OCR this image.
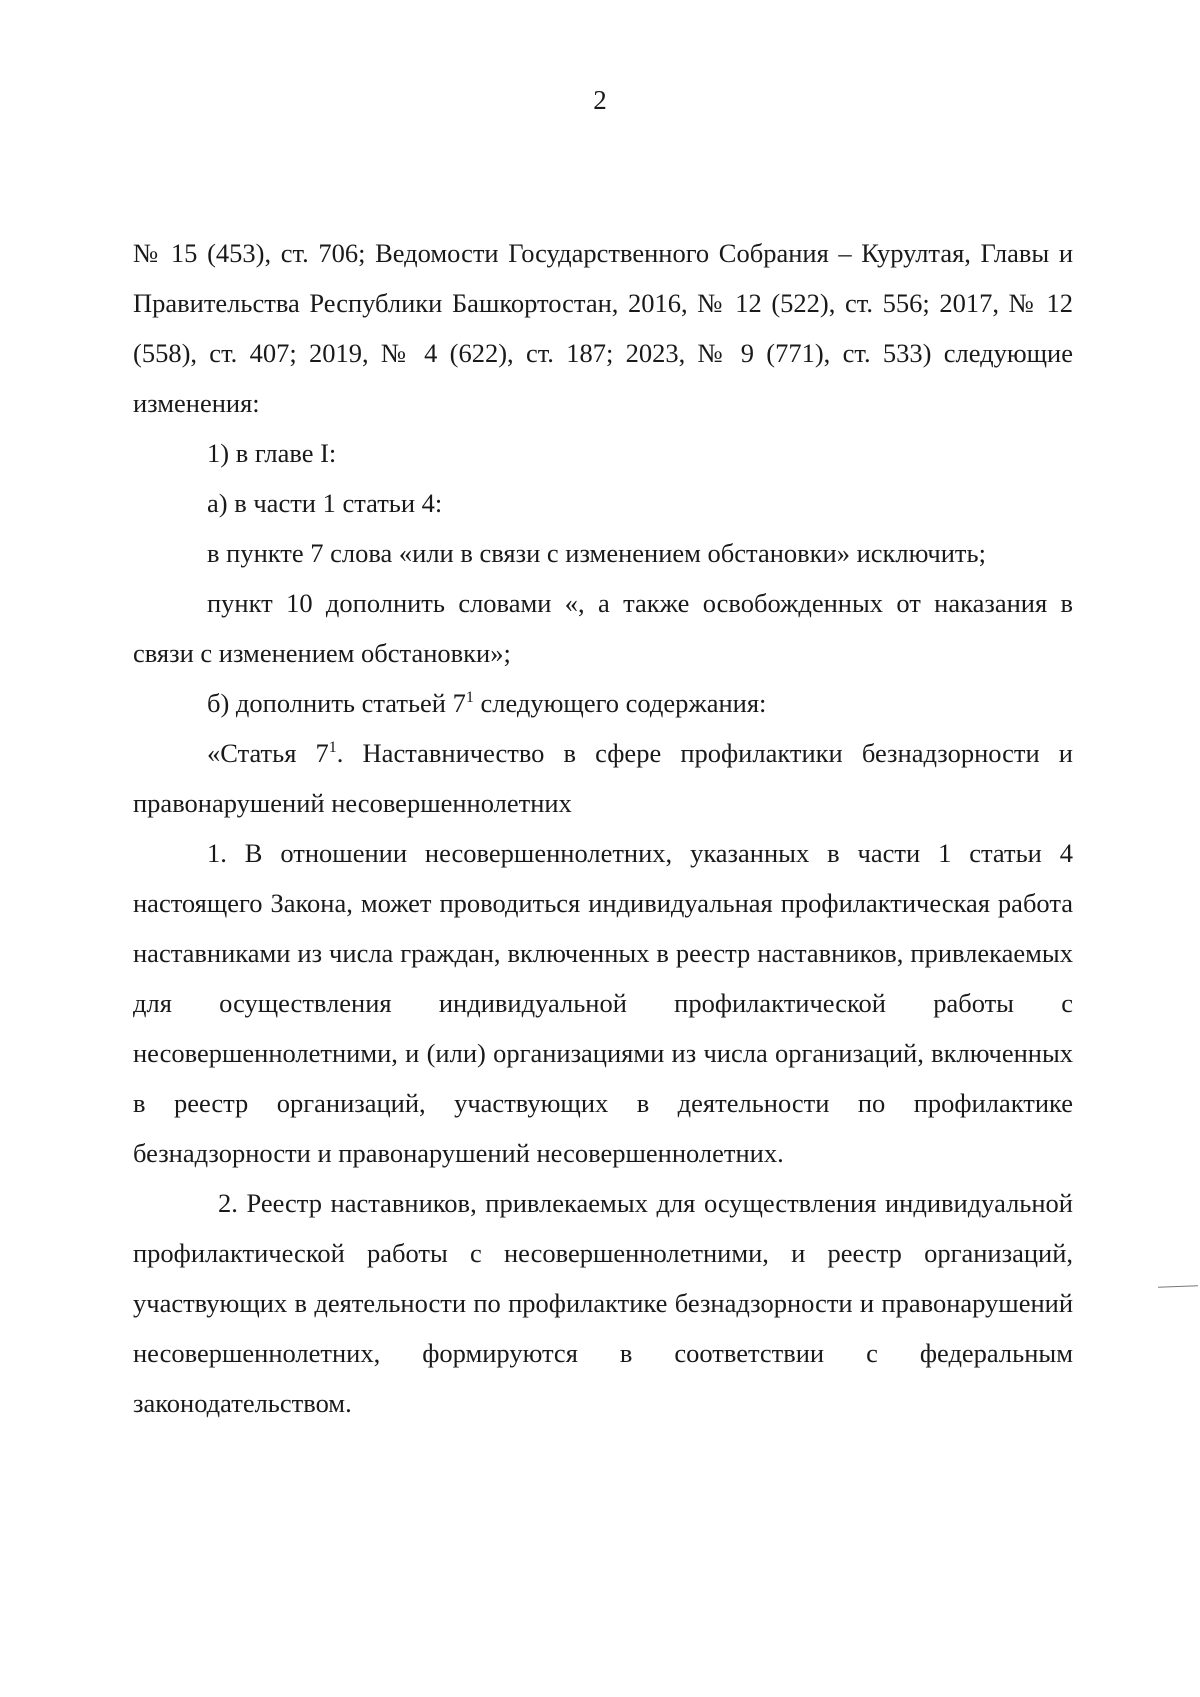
2

№ 15 (453), ст. 706; Ведомости Государственного Собрания – Курултая, Главы и Правительства Республики Башкортостан, 2016, № 12 (522), ст. 556; 2017, № 12 (558), ст. 407; 2019, № 4 (622), ст. 187; 2023, № 9 (771), ст. 533) следующие изменения:

1) в главе I:

а) в части 1 статьи 4:

в пункте 7 слова «или в связи с изменением обстановки» исключить;

пункт 10 дополнить словами «, а также освобожденных от наказания в связи с изменением обстановки»;

б) дополнить статьей $7^1$ следующего содержания:

«Статья $7^1$. Наставничество в сфере профилактики безнадзорности и правонарушений несовершеннолетних

1. В отношении несовершеннолетних, указанных в части 1 статьи 4 настоящего Закона, может проводиться индивидуальная профилактическая работа наставниками из числа граждан, включенных в реестр наставников, привлекаемых для осуществления индивидуальной профилактической работы с несовершеннолетними, и (или) организациями из числа организаций, включенных в реестр организаций, участвующих в деятельности по профилактике безнадзорности и правонарушений несовершеннолетних.

2. Реестр наставников, привлекаемых для осуществления индивидуальной профилактической работы с несовершеннолетними, и реестр организаций, участвующих в деятельности по профилактике безнадзорности и правонарушений несовершеннолетних, формируются в соответствии с федеральным законодательством.
